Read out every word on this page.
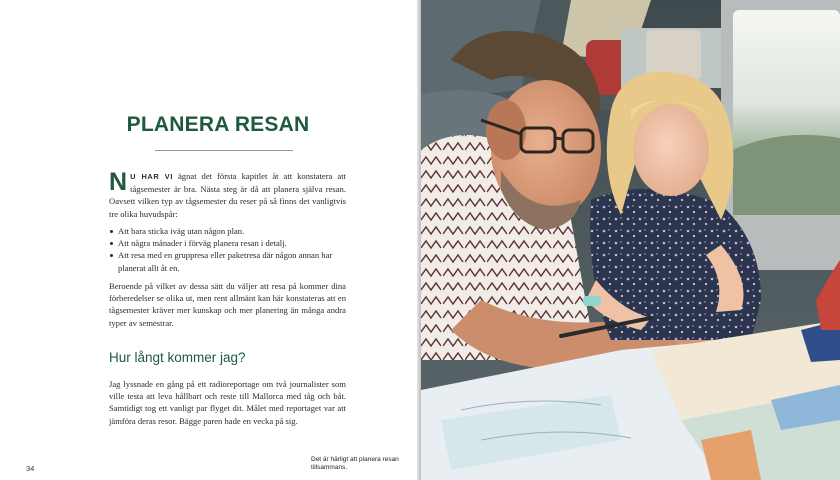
PLANERA RESAN

N U HAR VI ägnat det första kapitlet åt att konstatera att tågsemester är bra. Nästa steg är då att planera själva resan. Oavsett vilken typ av tågsemester du reser på så finns det vanligtvis tre olika huvudspår:

Att bara sticka iväg utan någon plan.
Att några månader i förväg planera resan i detalj.
Att resa med en gruppresa eller paketresa där någon annan har planerat allt åt en.

Beroende på vilket av dessa sätt du väljer att resa på kommer dina förberedelser se olika ut, men rent allmänt kan här konstateras att en tågsemester kräver mer kunskap och mer planering än många andra typer av semestrar.

Hur långt kommer jag?

Jag lyssnade en gång på ett radioreportage om två journalister som ville testa att leva hållbart och reste till Mallorca med tåg och båt. Samtidigt tog ett vanligt par flyget dit. Målet med reportaget var att jämföra deras resor. Bägge paren hade en vecka på sig.

34

Det är härligt att planera resan tillsammans.
